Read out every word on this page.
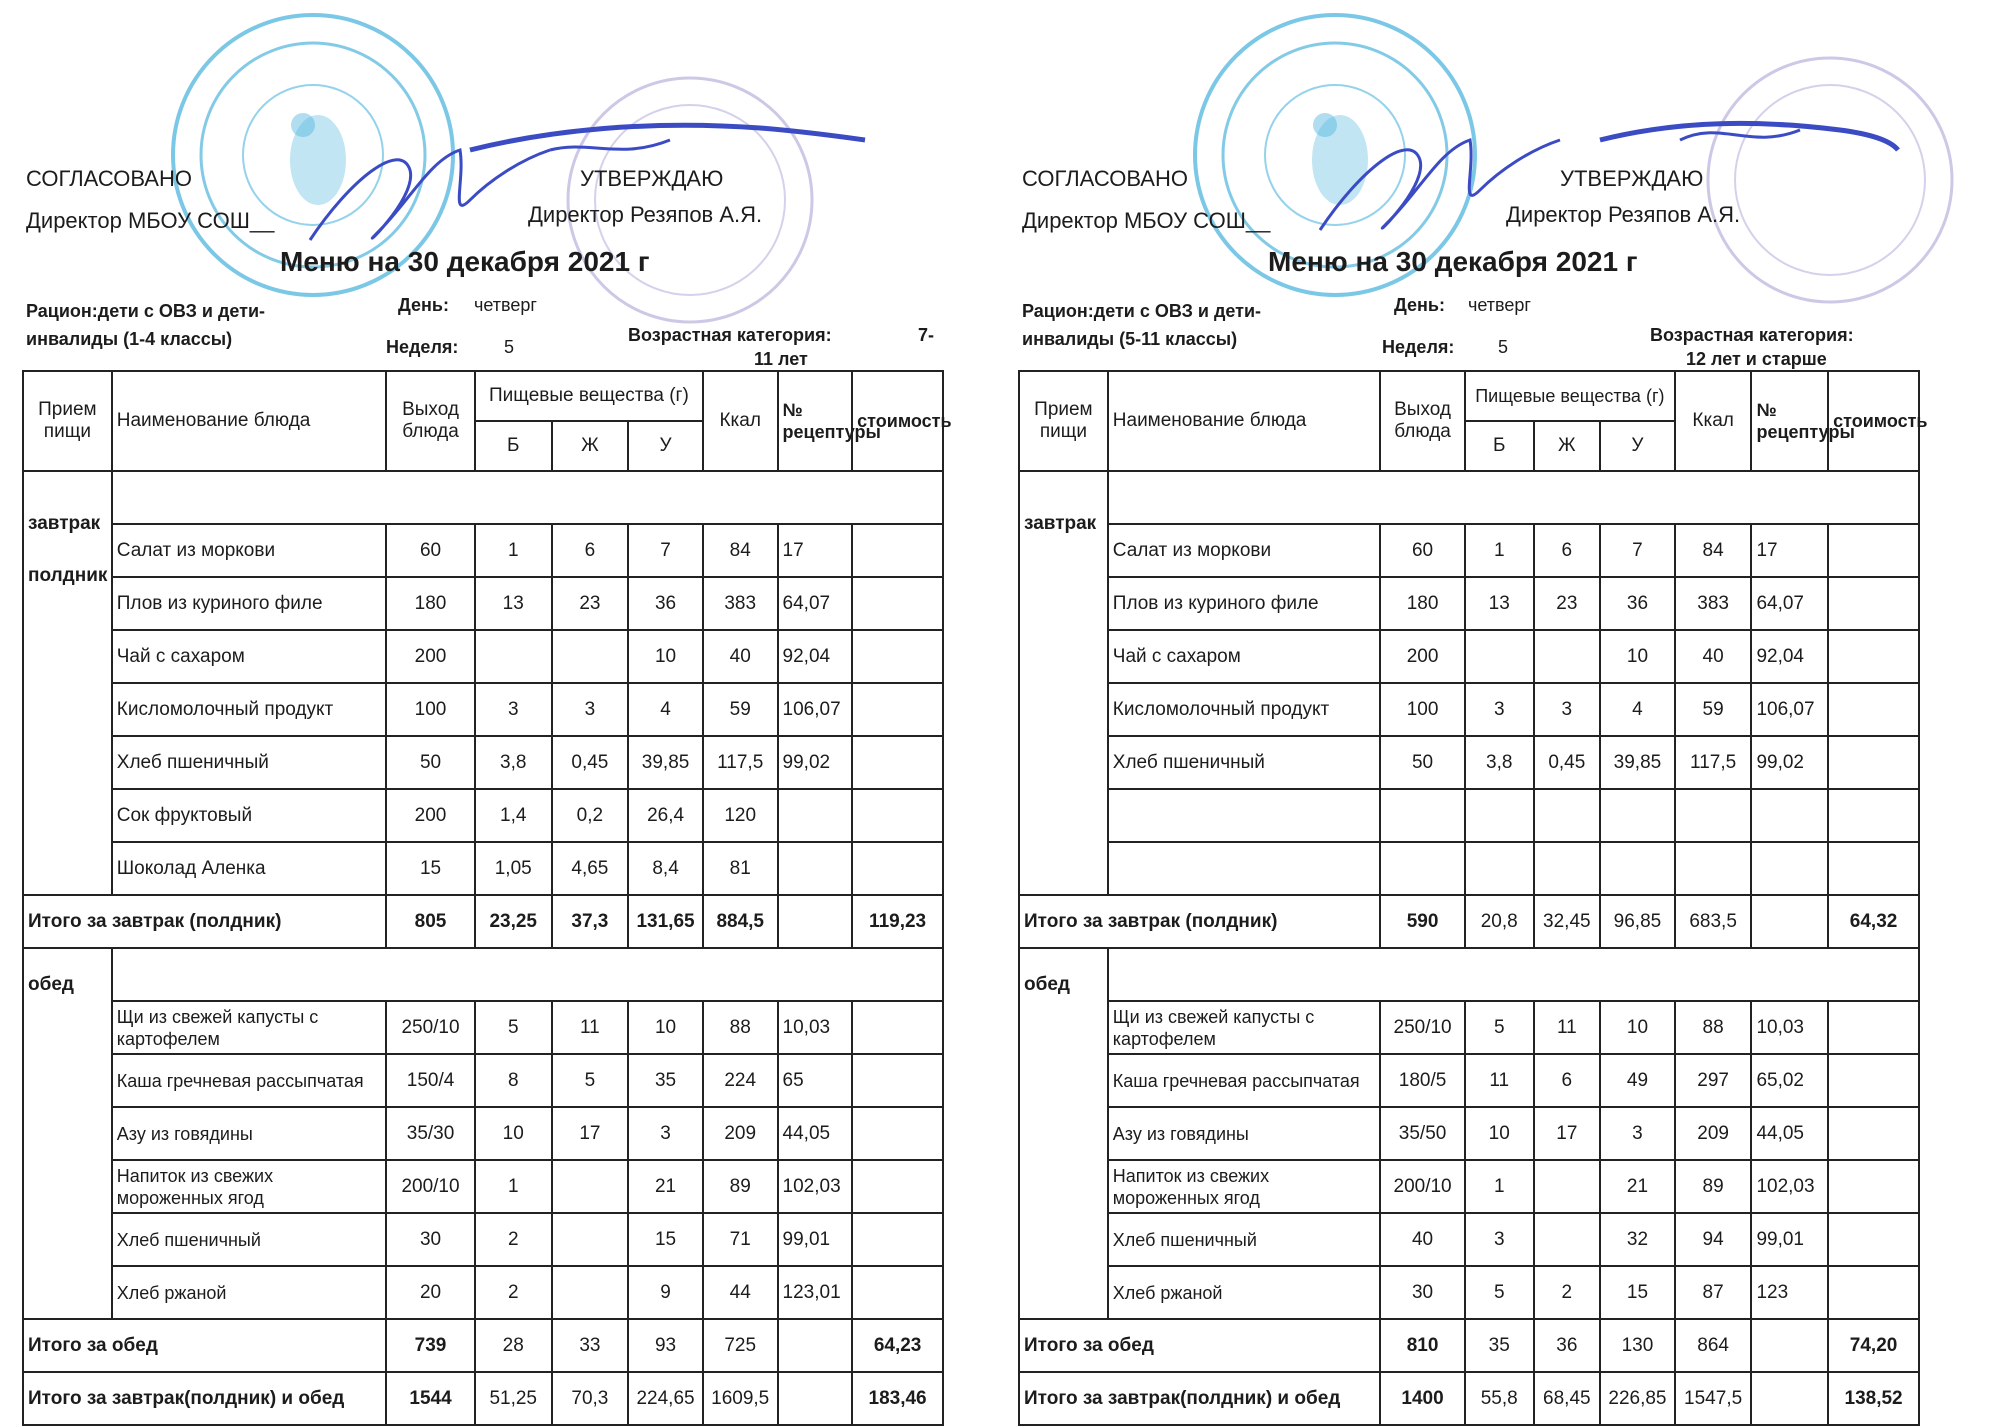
СОГЛАСОВАНО
Директор МБОУ СОШ__
УТВЕРЖДАЮ
Директор Резяпов А.Я.
Меню на 30 декабря 2021 г
Рацион:дети с ОВЗ и дети-
инвалиды (1-4 классы)
День: четверг
Неделя:	5
Возрастная категория:	7-
11 лет
Прием пищи	Наименование блюда	Выход блюда	Пищевые вещества (г)			Ккал	№ рецептуры	стоимость
			Б	Ж	У			

завтрак
полдник								

	Салат из моркови	60	1	6	7	84	17	
	Плов из куриного филе	180	13	23	36	383	64,07	
	Чай с сахаром	200			10	40	92,04	
	Кисломолочный продукт	100	3	3	4	59	106,07	
	Хлеб пшеничный	50	3,8	0,45	39,85	117,5	99,02	
	Сок фруктовый	200	1,4	0,2	26,4	120		
	Шоколад Аленка	15	1,05	4,65	8,4	81		
Итого за завтрак (полдник)		805	23,25	37,3	131,65	884,5		119,23
обед								
	Щи из свежей капусты с картофелем	250/10	5	11	10	88	10,03	
	Каша гречневая рассыпчатая	150/4	8	5	35	224	65	
	Азу из говядины	35/30	10	17	3	209	44,05	
	Напиток из свежих мороженных ягод	200/10	1		21	89	102,03	
	Хлеб пшеничный	30	2		15	71	99,01	
	Хлеб ржаной	20	2		9	44	123,01	
Итого за обед		739	28	33	93	725		64,23
Итого за завтрак(полдник) и обед		1544	51,25	70,3	224,65	1609,5		183,46
СОГЛАСОВАНО
Директор МБОУ СОШ__
УТВЕРЖДАЮ
Директор Резяпов А.Я.
Меню на 30 декабря 2021 г
Рацион:дети с ОВЗ и дети-
инвалиды (5-11 классы)
День: четверг
Неделя: 5
Возрастная категория:
12 лет и старше
Прием пищи	Наименование блюда	Выход блюда	Пищевые вещества (г)			Ккал	№ рецептуры	стоимость
			Б	Ж	У			

завтрак								

	Салат из моркови	60	1	6	7	84	17	
	Плов из куриного филе	180	13	23	36	383	64,07	
	Чай с сахаром	200			10	40	92,04	
	Кисломолочный продукт	100	3	3	4	59	106,07	
	Хлеб пшеничный	50	3,8	0,45	39,85	117,5	99,02	

Итого за завтрак (полдник)		590	20,8	32,45	96,85	683,5		64,32
обед								
	Щи из свежей капусты с картофелем	250/10	5	11	10	88	10,03	
	Каша гречневая рассыпчатая	180/5	11	6	49	297	65,02	
	Азу из говядины	35/50	10	17	3	209	44,05	
	Напиток из свежих мороженных ягод	200/10	1		21	89	102,03	
	Хлеб пшеничный	40	3		32	94	99,01	
	Хлеб ржаной	30	5	2	15	87	123	
Итого за обед		810	35	36	130	864		74,20
Итого за завтрак(полдник) и обед		1400	55,8	68,45	226,85	1547,5		138,52
